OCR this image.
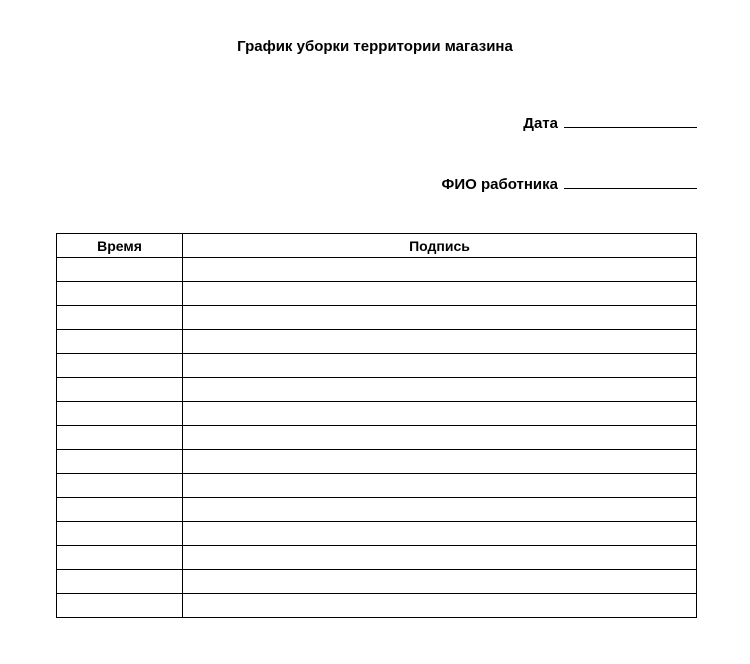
График уборки территории магазина
Дата
ФИО работника
Время	Подпись
